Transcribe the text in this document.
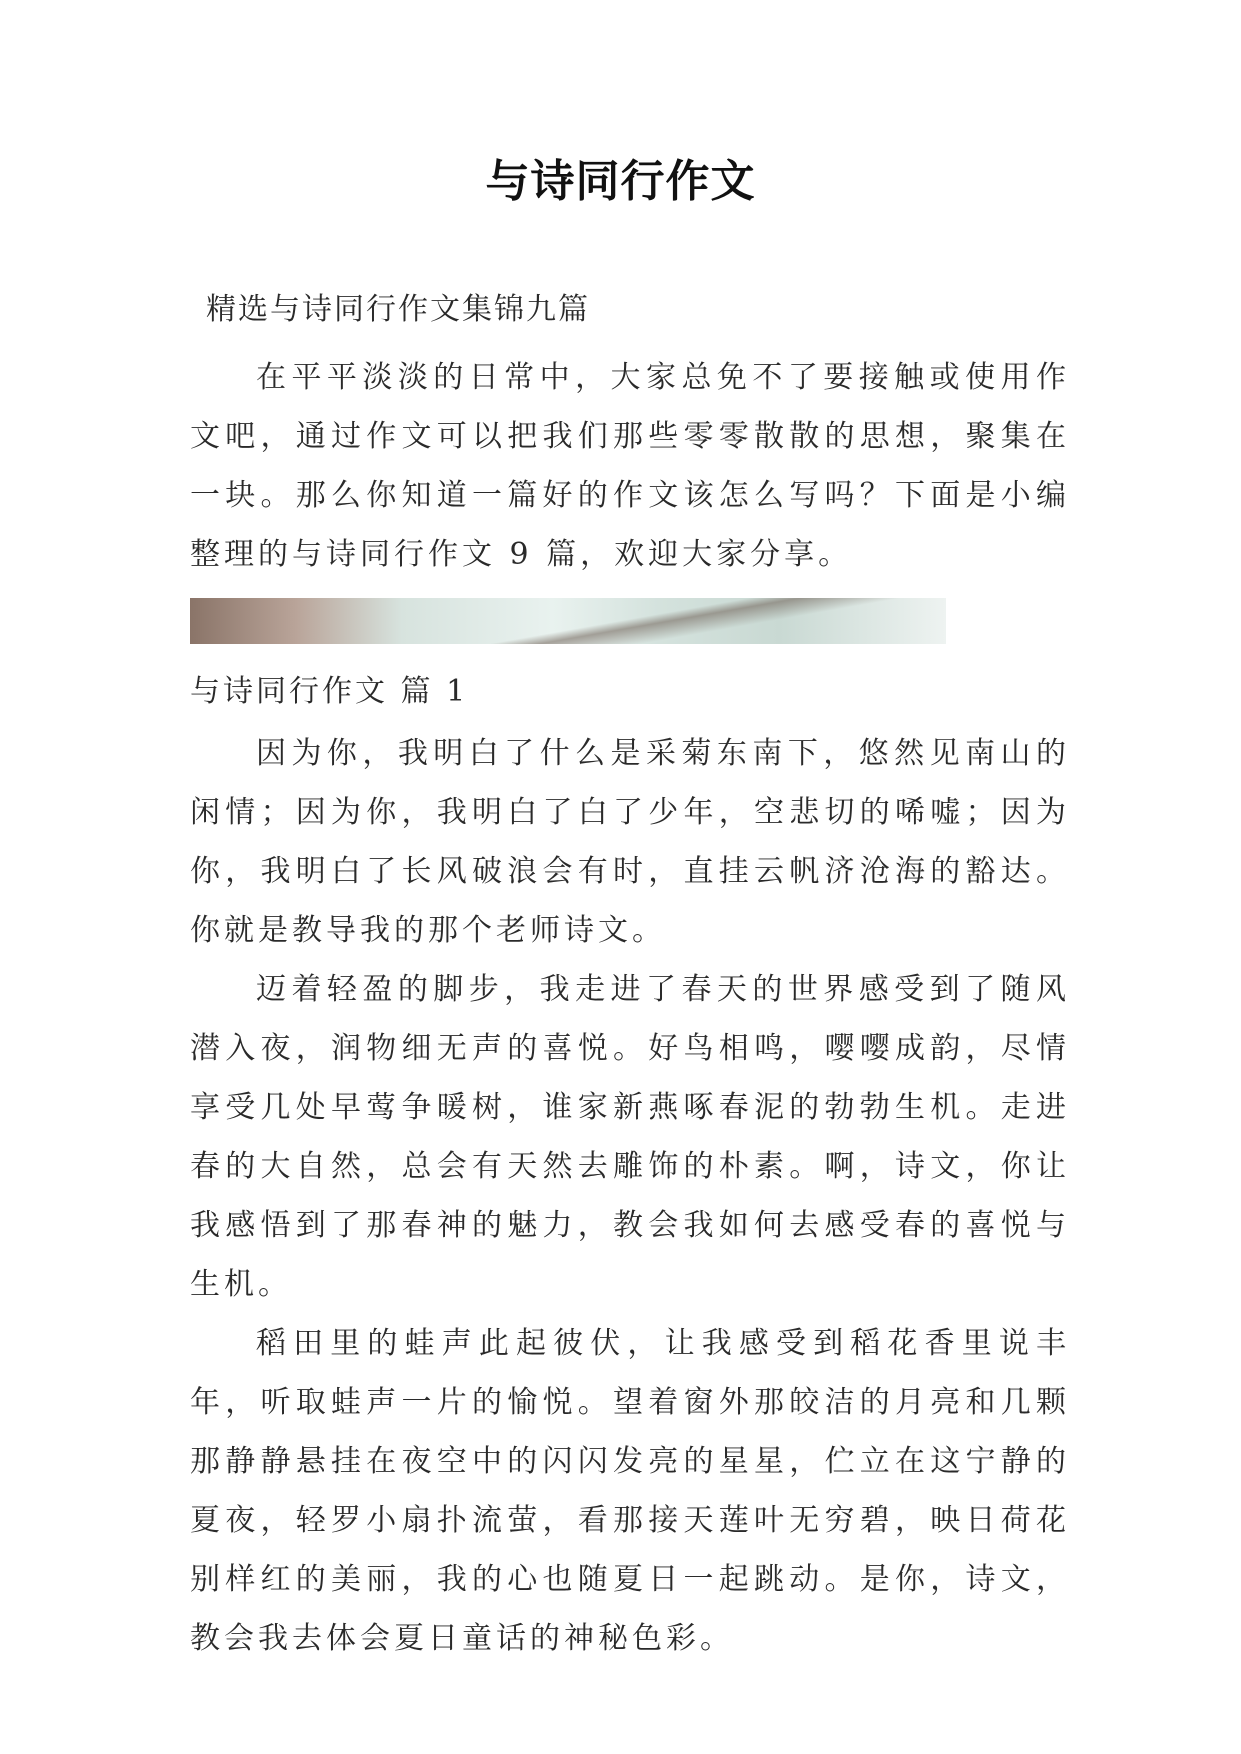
与诗同行作文

精选与诗同行作文集锦九篇

在平平淡淡的日常中，大家总免不了要接触或使用作文吧，通过作文可以把我们那些零零散散的思想，聚集在一块。那么你知道一篇好的作文该怎么写吗？下面是小编整理的与诗同行作文 9 篇，欢迎大家分享。

与诗同行作文 篇 1

因为你，我明白了什么是采菊东南下，悠然见南山的闲情；因为你，我明白了白了少年，空悲切的唏嘘；因为你，我明白了长风破浪会有时，直挂云帆济沧海的豁达。你就是教导我的那个老师诗文。

迈着轻盈的脚步，我走进了春天的世界感受到了随风潜入夜，润物细无声的喜悦。好鸟相鸣，嘤嘤成韵，尽情享受几处早莺争暖树，谁家新燕啄春泥的勃勃生机。走进春的大自然，总会有天然去雕饰的朴素。啊，诗文，你让我感悟到了那春神的魅力，教会我如何去感受春的喜悦与生机。

稻田里的蛙声此起彼伏，让我感受到稻花香里说丰年，听取蛙声一片的愉悦。望着窗外那皎洁的月亮和几颗那静静悬挂在夜空中的闪闪发亮的星星，伫立在这宁静的夏夜，轻罗小扇扑流萤，看那接天莲叶无穷碧，映日荷花别样红的美丽，我的心也随夏日一起跳动。是你，诗文，教会我去体会夏日童话的神秘色彩。
